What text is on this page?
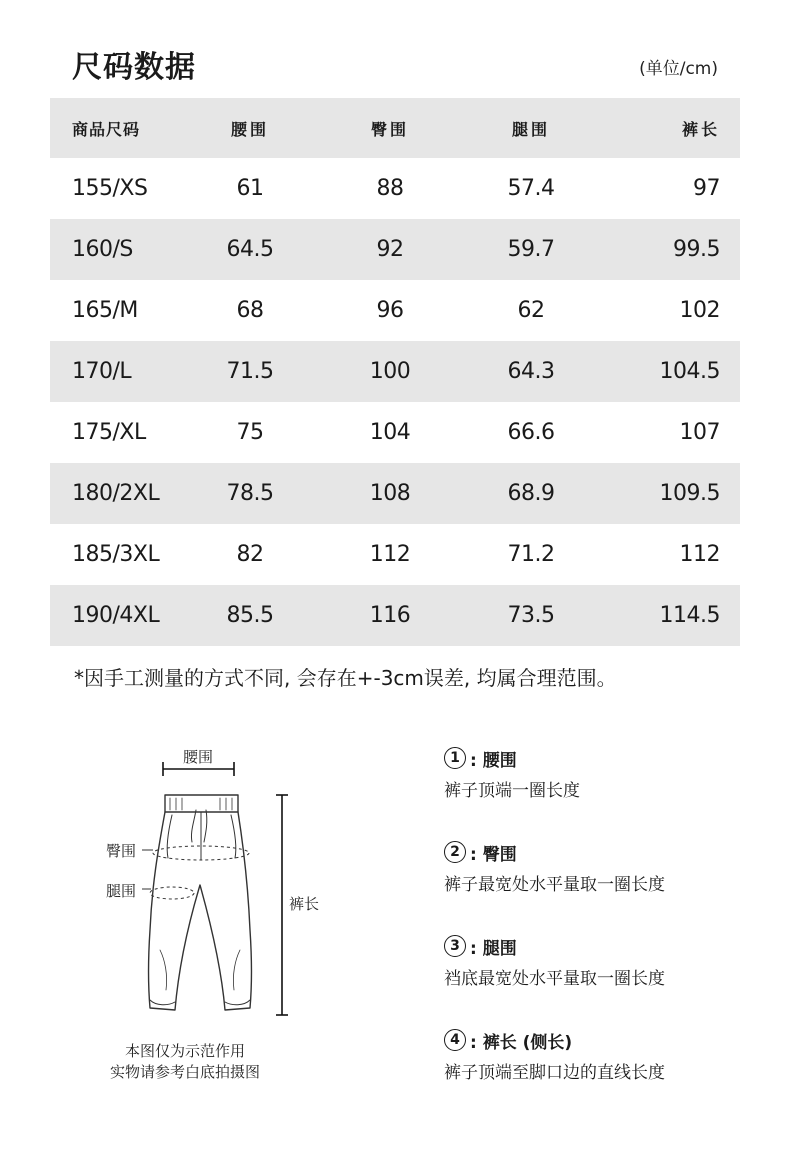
尺码数据	(单位/cm)
商品尺码	腰围	臀围	腿围	裤长
155/XS	61	88	57.4	97
160/S	64.5	92	59.7	99.5
165/M	68	96	62	102
170/L	71.5	100	64.3	104.5
175/XL	75	104	66.6	107
180/2XL	78.5	108	68.9	109.5
185/3XL	82	112	71.2	112
190/4XL	85.5	116	73.5	114.5
*因手工测量的方式不同, 会存在+-3cm误差, 均属合理范围。
腰围
臀围
腿围
裤长
本图仅为示范作用
实物请参考白底拍摄图
1 : 腰围
裤子顶端一圈长度
2 : 臀围
裤子最宽处水平量取一圈长度
3 : 腿围
裆底最宽处水平量取一圈长度
4 : 裤长 (侧长)
裤子顶端至脚口边的直线长度
